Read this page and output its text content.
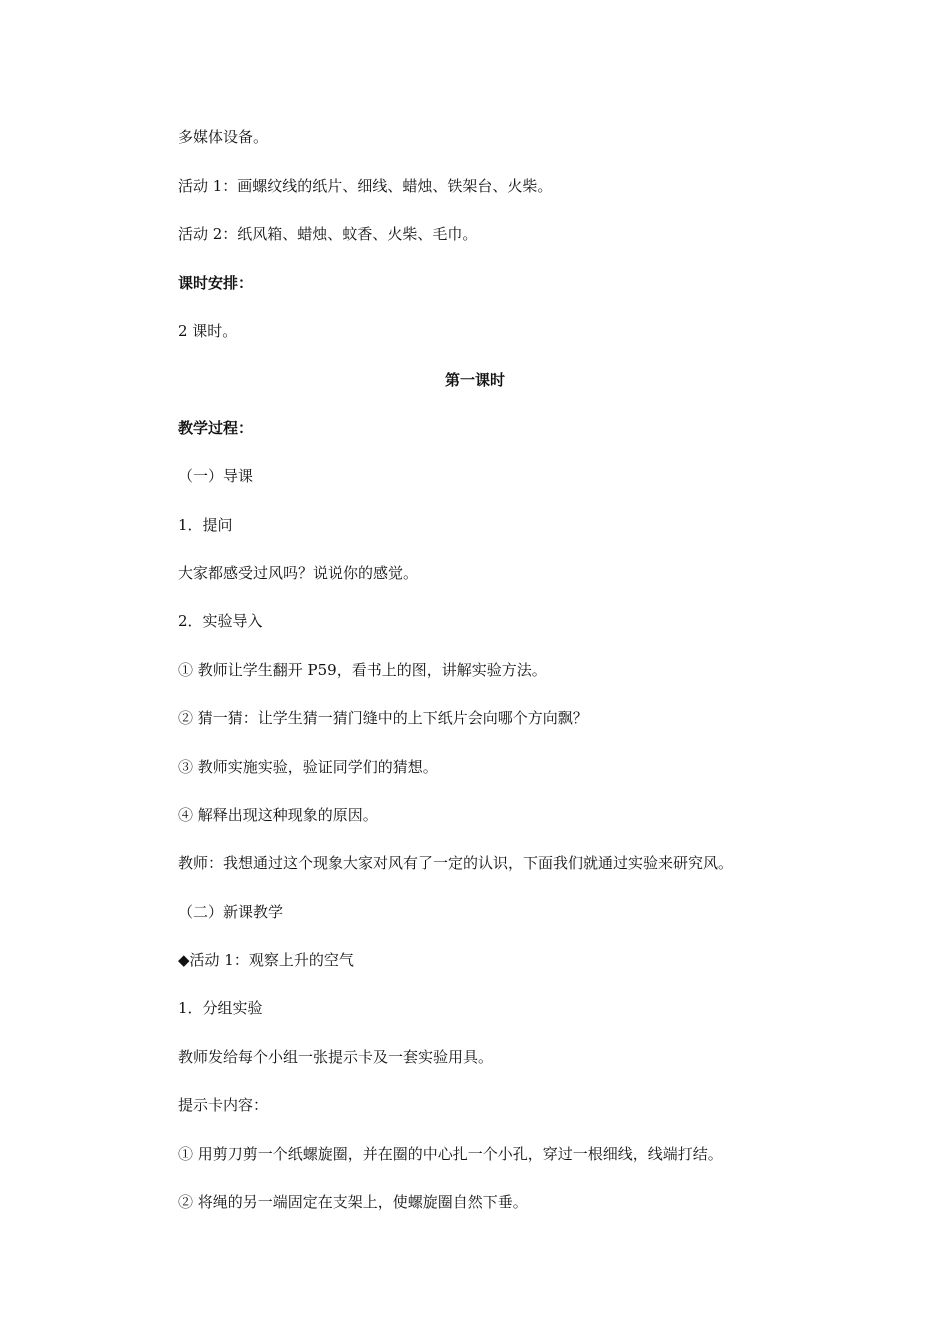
多媒体设备。
活动 1：画螺纹线的纸片、细线、蜡烛、铁架台、火柴。
活动 2：纸风箱、蜡烛、蚊香、火柴、毛巾。
课时安排：
2 课时。
第一课时
教学过程：
（一）导课
1．提问
大家都感受过风吗？说说你的感觉。
2．实验导入
① 教师让学生翻开 P59，看书上的图，讲解实验方法。
② 猜一猜：让学生猜一猜门缝中的上下纸片会向哪个方向飘？
③ 教师实施实验，验证同学们的猜想。
④ 解释出现这种现象的原因。
教师：我想通过这个现象大家对风有了一定的认识，下面我们就通过实验来研究风。
（二）新课教学
◆活动 1：观察上升的空气
1．分组实验
教师发给每个小组一张提示卡及一套实验用具。
提示卡内容：
① 用剪刀剪一个纸螺旋圈，并在圈的中心扎一个小孔，穿过一根细线，线端打结。
② 将绳的另一端固定在支架上，使螺旋圈自然下垂。
